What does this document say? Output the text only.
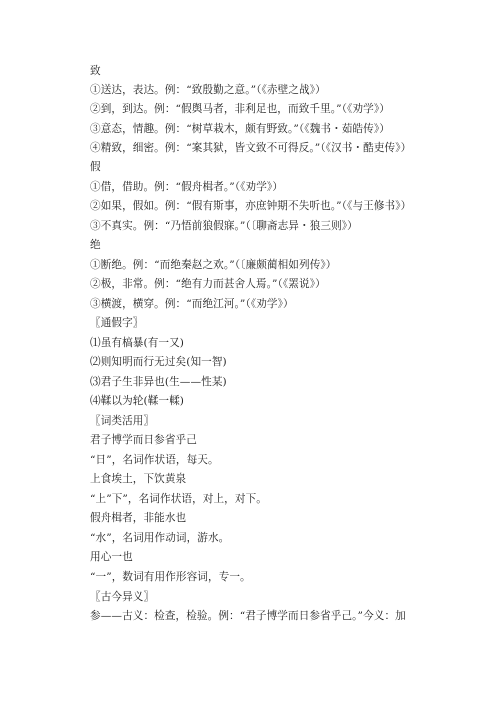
致
①送达，表达。例：“致殷勤之意。”（《赤壁之战》）
②到，到达。例：“假舆马者，非利足也，而致千里。”（《劝学》）
③意态，情趣。例：“树草栽木，颇有野致。”（《魏书・茹皓传》）
④精致，细密。例：“案其狱，皆文致不可得反。”（《汉书・酷吏传》）
假
①借，借助。例：“假舟楫者。”（《劝学》）
②如果，假如。例：“假有斯事，亦庶钟期不失听也。”（《与王修书》）
③不真实。例：“乃悟前狼假寐。”（〔聊斋志异・狼三则》）
绝
①断绝。例：“而绝秦赵之欢。”（〔廉颇蔺相如列传》）
②极，非常。例：“绝有力而甚舍人焉。”（《罴说》）
③横渡，横穿。例：“而绝江河。”（《劝学》）
〖通假字〗
⑴虽有槁暴(有一又)
⑵则知明而行无过矣(知一智)
⑶君子生非异也(生——性某)
⑷鞣以为轮(鞣一輮)
〖词类活用〗
君子博学而日参省乎己
“日”，名词作状语，每天。
上食埃土，下饮黄泉
“上”下”，名词作状语，对上，对下。
假舟楫者，非能水也
“水”，名词用作动词，游水。
用心一也
“一”，数词有用作形容词，专一。
〖古今异义〗
参——古义：检查，检验。例：“君子博学而日参省乎己。”今义：加
